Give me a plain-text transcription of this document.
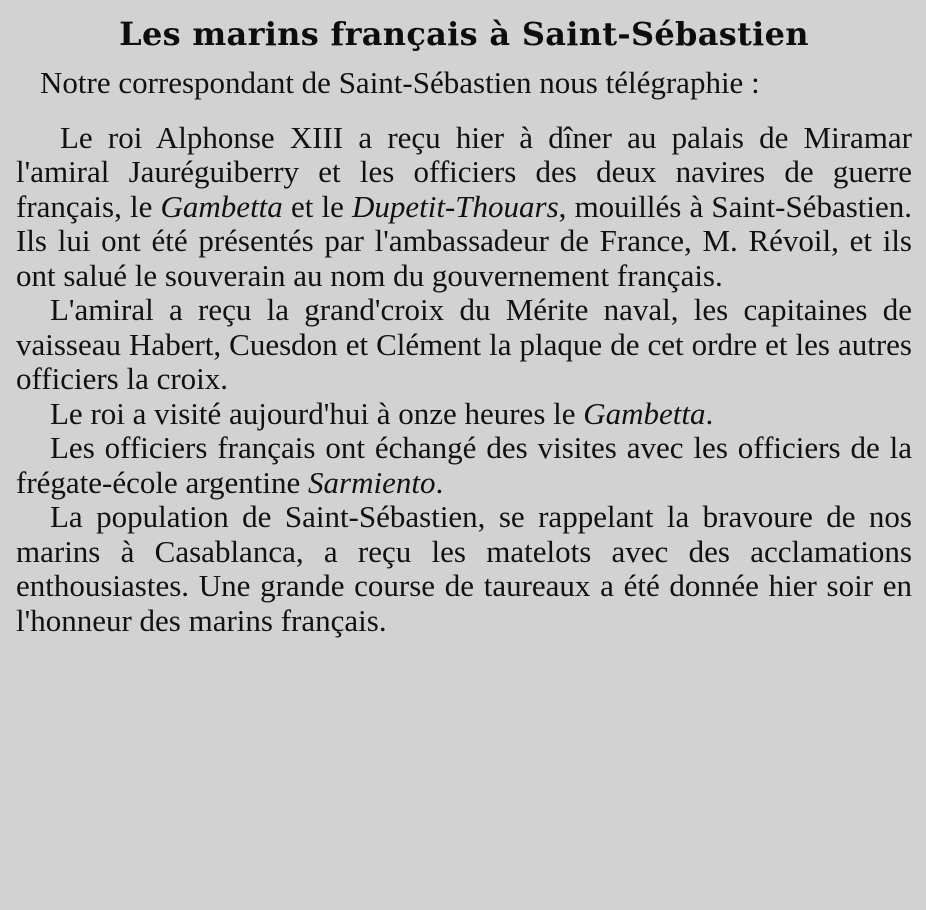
Les marins français à Saint-Sébastien

Notre correspondant de Saint-Sébastien nous télégraphie :

Le roi Alphonse XIII a reçu hier à dîner au palais de Miramar l'amiral Jauréguiberry et les officiers des deux navires de guerre français, le Gambetta et le Dupetit-Thouars, mouillés à Saint-Sébastien. Ils lui ont été présentés par l'ambassadeur de France, M. Révoil, et ils ont salué le souverain au nom du gouvernement français.

L'amiral a reçu la grand'croix du Mérite naval, les capitaines de vaisseau Habert, Cuesdon et Clément la plaque de cet ordre et les autres officiers la croix.

Le roi a visité aujourd'hui à onze heures le Gambetta.

Les officiers français ont échangé des visites avec les officiers de la frégate-école argentine Sarmiento.

La population de Saint-Sébastien, se rappelant la bravoure de nos marins à Casablanca, a reçu les matelots avec des acclamations enthousiastes. Une grande course de taureaux a été donnée hier soir en l'honneur des marins français.
